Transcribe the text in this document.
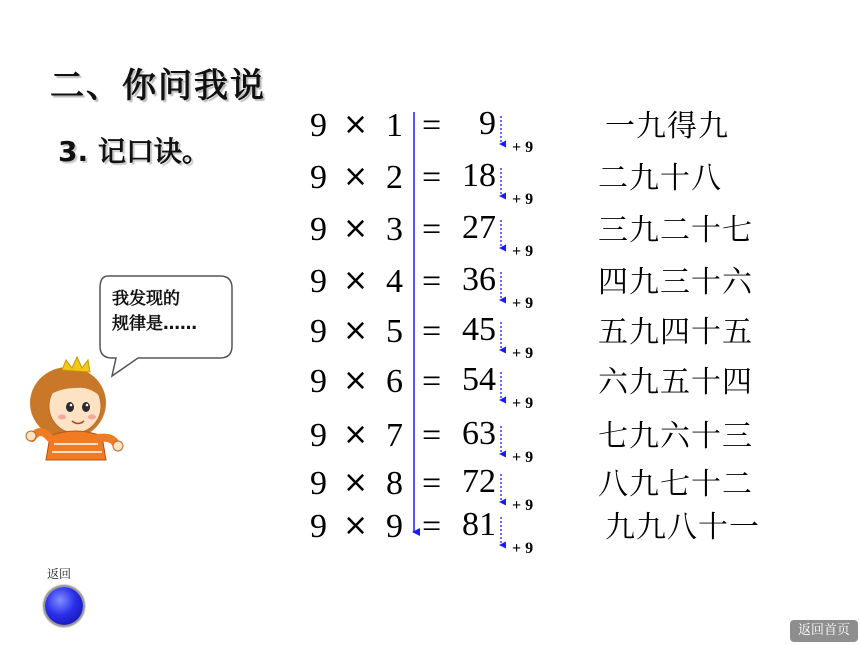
二、你问我说
3. 记口诀。
9 × 1 = 9	一九得九
+ 9
9 × 2 = 18	二九十八
+ 9
9 × 3 = 27	三九二十七
+ 9
9 × 4 = 36	四九三十六
+ 9
9 × 5 = 45	五九四十五
+ 9
9 × 6 = 54	六九五十四
+ 9
9 × 7 = 63	七九六十三
+ 9
9 × 8 = 72	八九七十二
+ 9
9 × 9 = 81	九九八十一
+ 9
我发现的
规律是……
返回
返回首页
